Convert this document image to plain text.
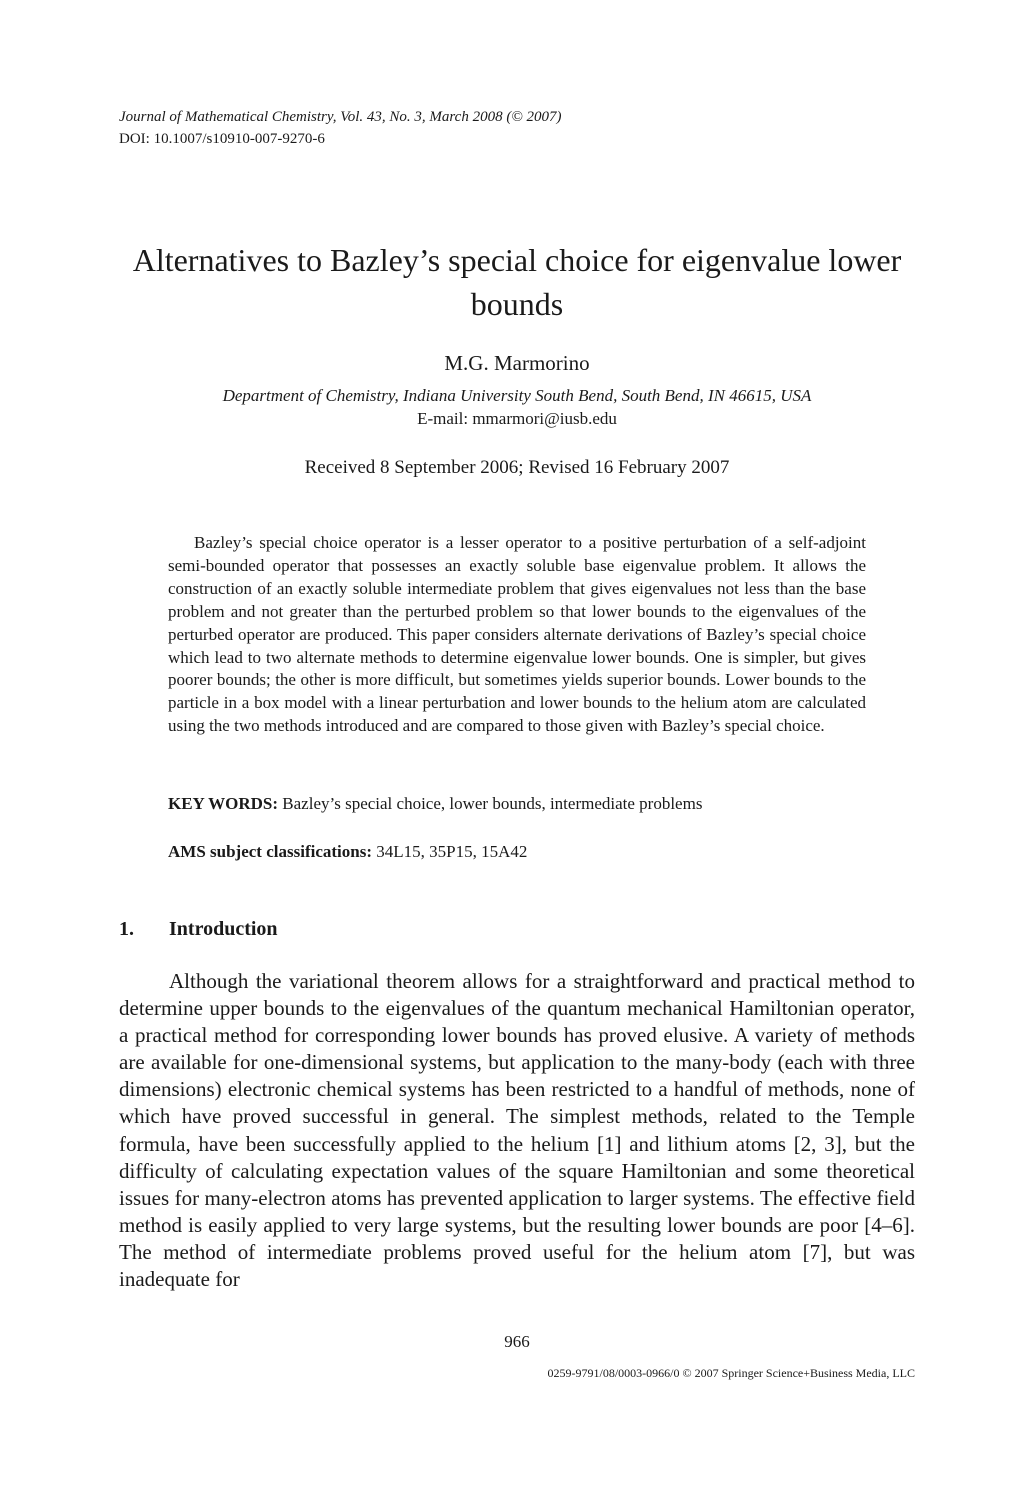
Journal of Mathematical Chemistry, Vol. 43, No. 3, March 2008 (© 2007)
DOI: 10.1007/s10910-007-9270-6
Alternatives to Bazley’s special choice for eigenvalue lower bounds
M.G. Marmorino
Department of Chemistry, Indiana University South Bend, South Bend, IN 46615, USA
E-mail: mmarmori@iusb.edu
Received 8 September 2006; Revised 16 February 2007

Bazley’s special choice operator is a lesser operator to a positive perturbation of a self-adjoint semi-bounded operator that possesses an exactly soluble base eigenvalue problem. It allows the construction of an exactly soluble intermediate problem that gives eigenvalues not less than the base problem and not greater than the perturbed problem so that lower bounds to the eigenvalues of the perturbed operator are produced. This paper considers alternate derivations of Bazley’s special choice which lead to two alternate methods to determine eigenvalue lower bounds. One is simpler, but gives poorer bounds; the other is more difficult, but sometimes yields superior bounds. Lower bounds to the particle in a box model with a linear perturbation and lower bounds to the helium atom are calculated using the two methods introduced and are compared to those given with Bazley’s special choice.

KEY WORDS: Bazley’s special choice, lower bounds, intermediate problems
AMS subject classifications: 34L15, 35P15, 15A42
1. Introduction

Although the variational theorem allows for a straightforward and practical method to determine upper bounds to the eigenvalues of the quantum mechanical Hamiltonian operator, a practical method for corresponding lower bounds has proved elusive. A variety of methods are available for one-dimensional systems, but application to the many-body (each with three dimensions) electronic chemical systems has been restricted to a handful of methods, none of which have proved successful in general. The simplest methods, related to the Temple formula, have been successfully applied to the helium [1] and lithium atoms [2, 3], but the difficulty of calculating expectation values of the square Hamiltonian and some theoretical issues for many-electron atoms has prevented application to larger systems. The effective field method is easily applied to very large systems, but the resulting lower bounds are poor [4–6]. The method of intermediate problems proved useful for the helium atom [7], but was inadequate for

966
0259-9791/08/0003-0966/0 © 2007 Springer Science+Business Media, LLC
